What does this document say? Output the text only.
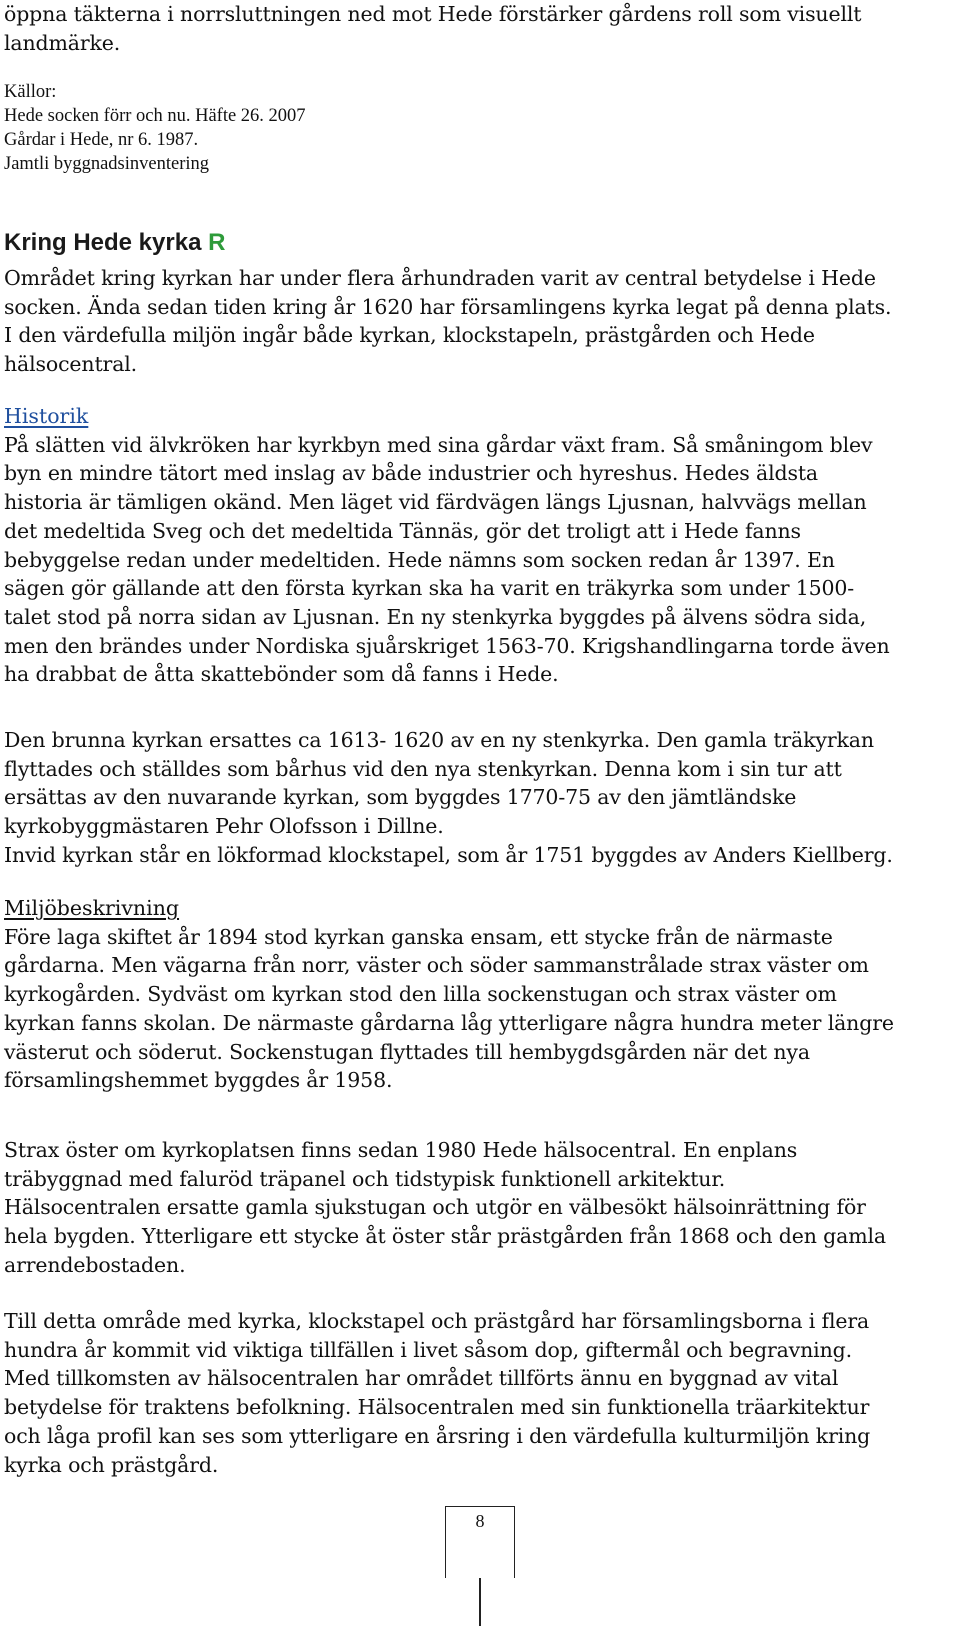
öppna täkterna i norrsluttningen ned mot Hede förstärker gårdens roll som visuellt

landmärke.

Källor:

Hede socken förr och nu. Häfte 26. 2007

Gårdar i Hede, nr 6. 1987.

Jamtli byggnadsinventering

Kring Hede kyrka R

Området kring kyrkan har under flera århundraden varit av central betydelse i Hede

socken. Ända sedan tiden kring år 1620 har församlingens kyrka legat på denna plats.

I den värdefulla miljön ingår både kyrkan, klockstapeln, prästgården och Hede

hälsocentral.

Historik

På slätten vid älvkröken har kyrkbyn med sina gårdar växt fram. Så småningom blev

byn en mindre tätort med inslag av både industrier och hyreshus. Hedes äldsta

historia är tämligen okänd. Men läget vid färdvägen längs Ljusnan, halvvägs mellan

det medeltida Sveg och det medeltida Tännäs, gör det troligt att i Hede fanns

bebyggelse redan under medeltiden. Hede nämns som socken redan år 1397. En

sägen gör gällande att den första kyrkan ska ha varit en träkyrka som under 1500-

talet stod på norra sidan av Ljusnan. En ny stenkyrka byggdes på älvens södra sida,

men den brändes under Nordiska sjuårskriget 1563-70. Krigshandlingarna torde även

ha drabbat de åtta skattebönder som då fanns i Hede.

Den brunna kyrkan ersattes ca 1613- 1620 av en ny stenkyrka. Den gamla träkyrkan

flyttades och ställdes som bårhus vid den nya stenkyrkan. Denna kom i sin tur att

ersättas av den nuvarande kyrkan, som byggdes 1770-75 av den jämtländske

kyrkobyggmästaren Pehr Olofsson i Dillne.

Invid kyrkan står en lökformad klockstapel, som år 1751 byggdes av Anders Kiellberg.

Miljöbeskrivning

Före laga skiftet år 1894 stod kyrkan ganska ensam, ett stycke från de närmaste

gårdarna. Men vägarna från norr, väster och söder sammanstrålade strax väster om

kyrkogården. Sydväst om kyrkan stod den lilla sockenstugan och strax väster om

kyrkan fanns skolan. De närmaste gårdarna låg ytterligare några hundra meter längre

västerut och söderut. Sockenstugan flyttades till hembygdsgården när det nya

församlingshemmet byggdes år 1958.

Strax öster om kyrkoplatsen finns sedan 1980 Hede hälsocentral. En enplans

träbyggnad med faluröd träpanel och tidstypisk funktionell arkitektur.

Hälsocentralen ersatte gamla sjukstugan och utgör en välbesökt hälsoinrättning för

hela bygden. Ytterligare ett stycke åt öster står prästgården från 1868 och den gamla

arrendebostaden.

Till detta område med kyrka, klockstapel och prästgård har församlingsborna i flera

hundra år kommit vid viktiga tillfällen i livet såsom dop, giftermål och begravning.

Med tillkomsten av hälsocentralen har området tillförts ännu en byggnad av vital

betydelse för traktens befolkning. Hälsocentralen med sin funktionella träarkitektur

och låga profil kan ses som ytterligare en årsring i den värdefulla kulturmiljön kring

kyrka och prästgård.

8
